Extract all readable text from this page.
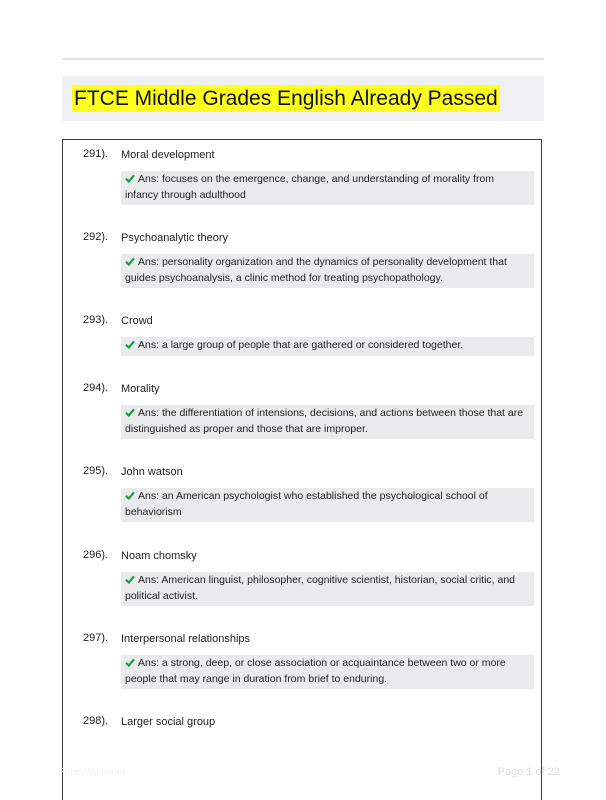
FTCE Middle Grades English Already Passed
291). Moral development
Ans: focuses on the emergence, change, and understanding of morality from infancy through adulthood
292). Psychoanalytic theory
Ans: personality organization and the dynamics of personality development that guides psychoanalysis, a clinic method for treating psychopathology.
293). Crowd
Ans: a large group of people that are gathered or considered together.
294). Morality
Ans: the differentiation of intensions, decisions, and actions between those that are distinguished as proper and those that are improper.
295). John watson
Ans: an American psychologist who established the psychological school of behaviorism
296). Noam chomsky
Ans: American linguist, philosopher, cognitive scientist, historian, social critic, and political activist.
297). Interpersonal relationships
Ans: a strong, deep, or close association or acquaintance between two or more people that may range in duration from brief to enduring.
298). Larger social group
PaperWiki.com	Page 1 of 22
